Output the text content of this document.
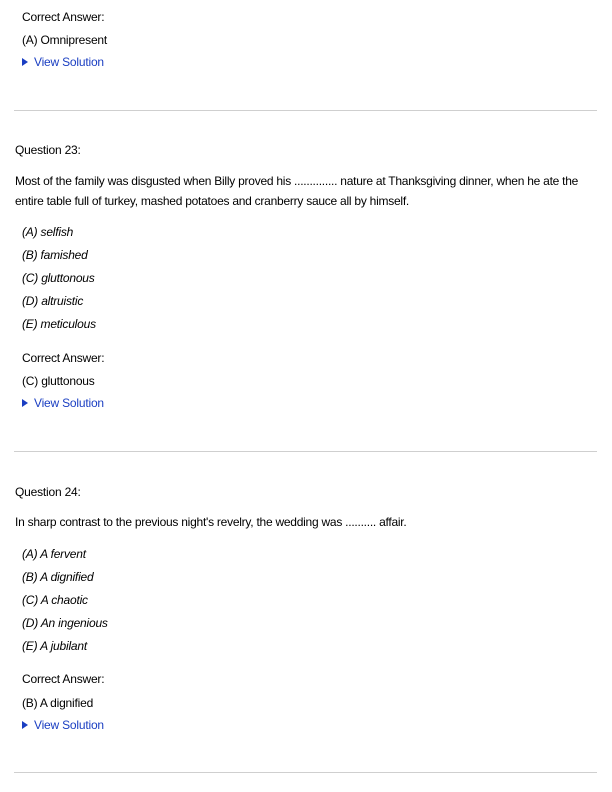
Correct Answer:
(A) Omnipresent
View Solution
Question 23:
Most of the family was disgusted when Billy proved his .............. nature at Thanksgiving dinner, when he ate the entire table full of turkey, mashed potatoes and cranberry sauce all by himself.
(A) selfish
(B) famished
(C) gluttonous
(D) altruistic
(E) meticulous
Correct Answer:
(C) gluttonous
View Solution
Question 24:
In sharp contrast to the previous night's revelry, the wedding was .......... affair.
(A) A fervent
(B) A dignified
(C) A chaotic
(D) An ingenious
(E) A jubilant
Correct Answer:
(B) A dignified
View Solution
